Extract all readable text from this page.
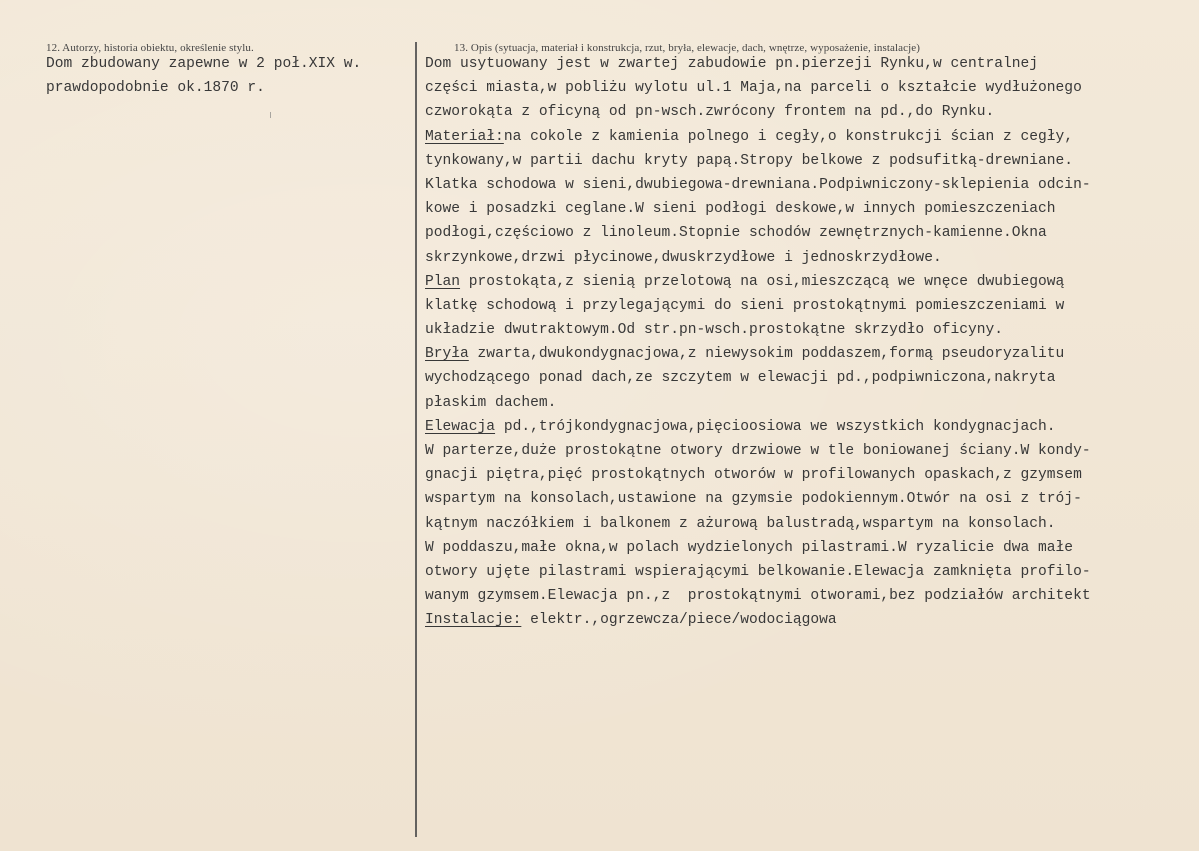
12. Autorzy, historia obiektu, określenie stylu.	13. Opis (sytuacja, materiał i konstrukcja, rzut, bryła, elewacje, dach, wnętrze, wyposażenie, instalacje)
Dom zbudowany zapewne w 2 poł.XIX w.
prawdopodobnie ok.1870 r.
Dom usytuowany jest w zwartej zabudowie pn.pierzeji Rynku,w centralnej
części miasta,w pobliżu wylotu ul.1 Maja,na parceli o kształcie wydłużonego
czworokąta z oficyną od pn-wsch.zwrócony frontem na pd.,do Rynku.
Materiał:na cokole z kamienia polnego i cegły,o konstrukcji ścian z cegły,
tynkowany,w partii dachu kryty papą.Stropy belkowe z podsufitką-drewniane.
Klatka schodowa w sieni,dwubiegowa-drewniana.Podpiwniczony-sklepienia odcin-
kowe i posadzki ceglane.W sieni podłogi deskowe,w innych pomieszczeniach
podłogi,częściowo z linoleum.Stopnie schodów zewnętrznych-kamienne.Okna
skrzynkowe,drzwi płycinowe,dwuskrzydłowe i jednoskrzydłowe.
Plan prostokąta,z sienią przelotową na osi,mieszczącą we wnęce dwubiegową
klatkę schodową i przylegającymi do sieni prostokątnymi pomieszczeniami w
układzie dwutraktowym.Od str.pn-wsch.prostokątne skrzydło oficyny.
Bryła zwarta,dwukondygnacjowa,z niewysokim poddaszem,formą pseudoryzalitu
wychodzącego ponad dach,ze szczytem w elewacji pd.,podpiwniczona,nakryta
płaskim dachem.
Elewacja pd.,trójkondygnacjowa,pięcioosiowa we wszystkich kondygnacjach.
W parterze,duże prostokątne otwory drzwiowe w tle boniowanej ściany.W kondy-
gnacji piętra,pięć prostokątnych otworów w profilowanych opaskach,z gzymsem
wspartym na konsolach,ustawione na gzymsie podokiennym.Otwór na osi z trój-
kątnym naczółkiem i balkonem z ażurową balustradą,wspartym na konsolach.
W poddaszu,małe okna,w polach wydzielonych pilastrami.W ryzalicie dwa małe
otwory ujęte pilastrami wspierającymi belkowanie.Elewacja zamknięta profilo-
wanym gzymsem.Elewacja pn.,z  prostokątnymi otworami,bez podziałów architekt
Instalacje: elektr.,ogrzewcza/piece/wodociągowa
